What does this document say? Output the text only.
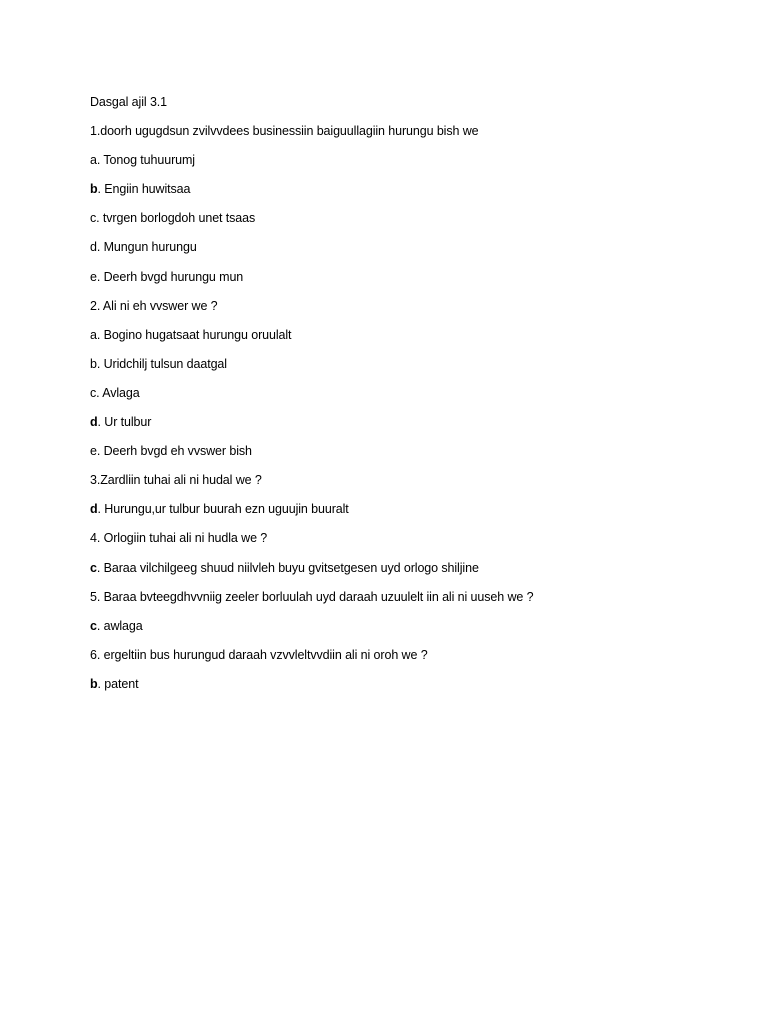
Dasgal ajil 3.1
1.doorh ugugdsun zvilvvdees businessiin baiguullagiin hurungu bish we
a. Tonog tuhuurumj
b. Engiin huwitsaa
c. tvrgen borlogdoh unet tsaas
d. Mungun hurungu
e. Deerh bvgd hurungu mun
2. Ali ni eh vvswer we ?
a. Bogino hugatsaat hurungu oruulalt
b. Uridchilj tulsun daatgal
c. Avlaga
d. Ur tulbur
e. Deerh bvgd eh vvswer bish
3.Zardliin tuhai ali ni hudal we ?
d. Hurungu,ur tulbur buurah ezn uguujin buuralt
4. Orlogiin tuhai ali ni hudla we ?
c. Baraa vilchilgeeg shuud niilvleh buyu gvitsetgesen uyd orlogo shiljine
5. Baraa bvteegdhvvniig zeeler borluulah uyd daraah uzuulelt iin ali ni uuseh we ?
c. awlaga
6. ergeltiin bus hurungud daraah vzvvleltvvdiin ali ni oroh we ?
b. patent
